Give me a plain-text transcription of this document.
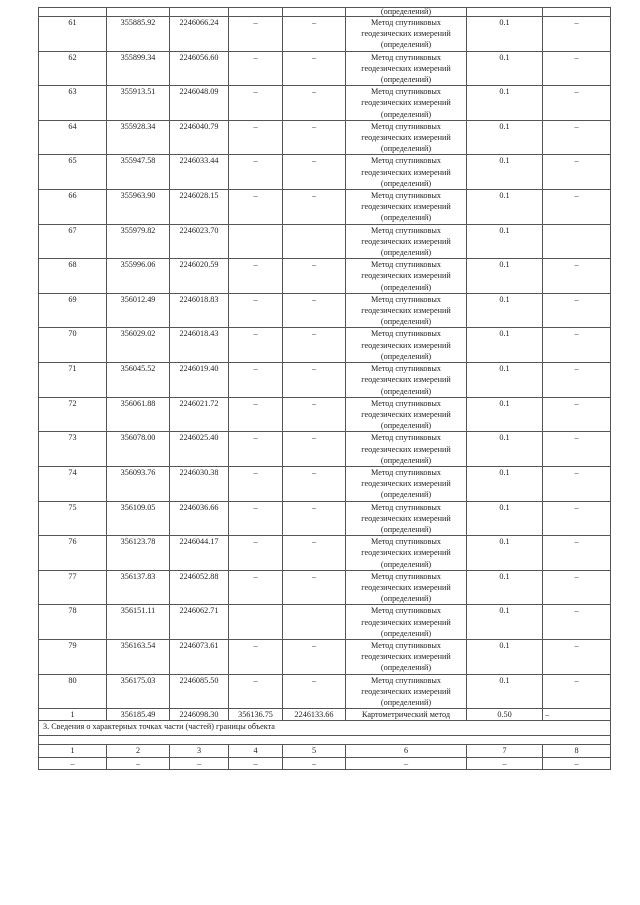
					(определений)		
61	355885.92	2246066.24	–	–	Метод спутниковых
геодезических измерений
(определений)	0.1	–
62	355899.34	2246056.60	–	–	Метод спутниковых
геодезических измерений
(определений)	0.1	–
63	355913.51	2246048.09	–	–	Метод спутниковых
геодезических измерений
(определений)	0.1	–
64	355928.34	2246040.79	–	–	Метод спутниковых
геодезических измерений
(определений)	0.1	–
65	355947.58	2246033.44	–	–	Метод спутниковых
геодезических измерений
(определений)	0.1	–
66	355963.90	2246028.15	–	–	Метод спутниковых
геодезических измерений
(определений)	0.1	–
67	355979.82	2246023.70			Метод спутниковых
геодезических измерений
(определений)	0.1	
68	355996.06	2246020.59	–	–	Метод спутниковых
геодезических измерений
(определений)	0.1	–
69	356012.49	2246018.83	–	–	Метод спутниковых
геодезических измерений
(определений)	0.1	–
70	356029.02	2246018.43	–	–	Метод спутниковых
геодезических измерений
(определений)	0.1	–
71	356045.52	2246019.40	–	–	Метод спутниковых
геодезических измерений
(определений)	0.1	–
72	356061.88	2246021.72	–	–	Метод спутниковых
геодезических измерений
(определений)	0.1	–
73	356078.00	2246025.40	–	–	Метод спутниковых
геодезических измерений
(определений)	0.1	–
74	356093.76	2246030.38	–	–	Метод спутниковых
геодезических измерений
(определений)	0.1	–
75	356109.05	2246036.66	–	–	Метод спутниковых
геодезических измерений
(определений)	0.1	–
76	356123.78	2246044.17	–	–	Метод спутниковых
геодезических измерений
(определений)	0.1	–
77	356137.83	2246052.88	–	–	Метод спутниковых
геодезических измерений
(определений)	0.1	–
78	356151.11	2246062.71			Метод спутниковых
геодезических измерений
(определений)	0.1	–
79	356163.54	2246073.61	–	–	Метод спутниковых
геодезических измерений
(определений)	0.1	–
80	356175.03	2246085.50	–	–	Метод спутниковых
геодезических измерений
(определений)	0.1	–
1	356185.49	2246098.30	356136.75	2246133.66	Картометрический метод	0.50	–
3. Сведения о характерных точках части (частей) границы объекта							

1	2	3	4	5	6	7	8
–	–	–	–	–	–	–	–
